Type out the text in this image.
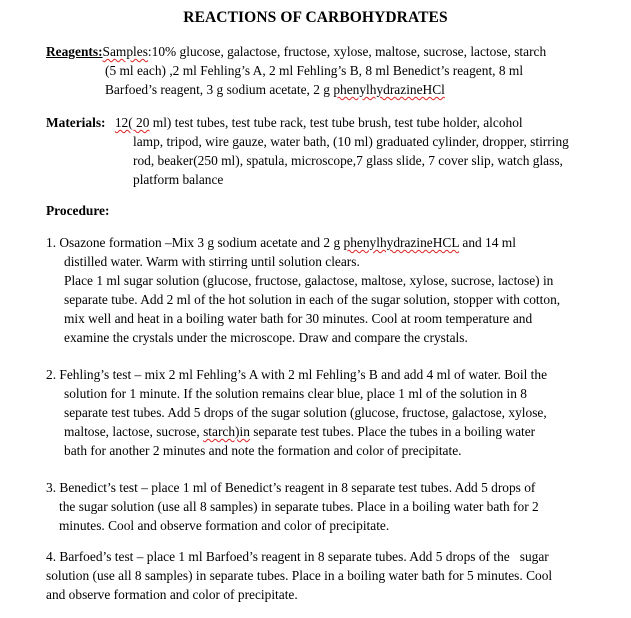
REACTIONS OF CARBOHYDRATES
Reagents:Samples:10% glucose, galactose, fructose, xylose, maltose, sucrose, lactose, starch
(5 ml each) ,2 ml Fehling’s A, 2 ml Fehling’s B, 8 ml Benedict’s reagent, 8 ml
Barfoed’s reagent, 3 g sodium acetate, 2 g phenylhydrazineHCl
Materials: 12( 20 ml) test tubes, test tube rack, test tube brush, test tube holder, alcohol
lamp, tripod, wire gauze, water bath, (10 ml) graduated cylinder, dropper, stirring
rod, beaker(250 ml), spatula, microscope,7 glass slide, 7 cover slip, watch glass,
platform balance
Procedure:
1. Osazone formation –Mix 3 g sodium acetate and 2 g phenylhydrazineHCL and 14 ml
distilled water. Warm with stirring until solution clears.
Place 1 ml sugar solution (glucose, fructose, galactose, maltose, xylose, sucrose, lactose) in
separate tube. Add 2 ml of the hot solution in each of the sugar solution, stopper with cotton,
mix well and heat in a boiling water bath for 30 minutes. Cool at room temperature and
examine the crystals under the microscope. Draw and compare the crystals.
2. Fehling’s test – mix 2 ml Fehling’s A with 2 ml Fehling’s B and add 4 ml of water. Boil the
solution for 1 minute. If the solution remains clear blue, place 1 ml of the solution in 8
separate test tubes. Add 5 drops of the sugar solution (glucose, fructose, galactose, xylose,
maltose, lactose, sucrose, starch)in separate test tubes. Place the tubes in a boiling water
bath for another 2 minutes and note the formation and color of precipitate.
3. Benedict’s test – place 1 ml of Benedict’s reagent in 8 separate test tubes. Add 5 drops of
the sugar solution (use all 8 samples) in separate tubes. Place in a boiling water bath for 2
minutes. Cool and observe formation and color of precipitate.
4. Barfoed’s test – place 1 ml Barfoed’s reagent in 8 separate tubes. Add 5 drops of the   sugar
solution (use all 8 samples) in separate tubes. Place in a boiling water bath for 5 minutes. Cool
and observe formation and color of precipitate.
